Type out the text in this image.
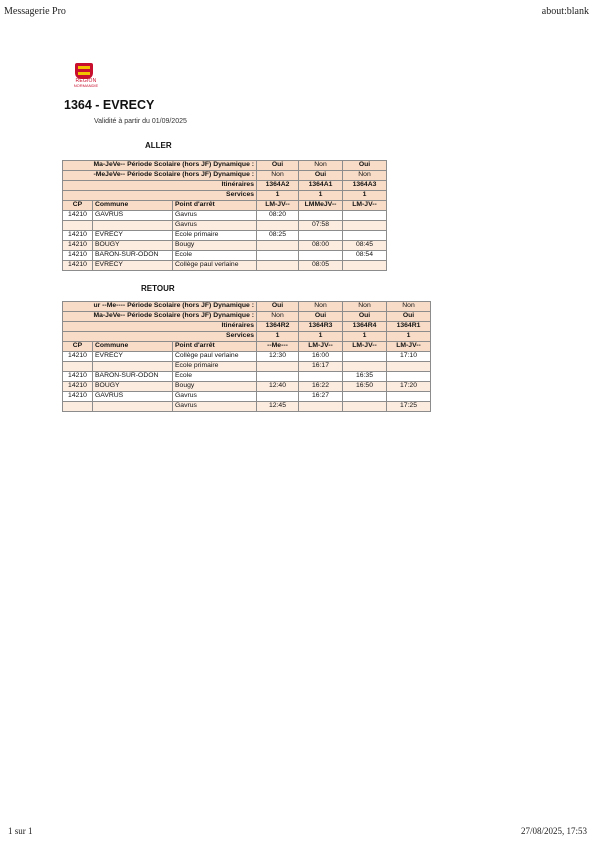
Messagerie Pro	about:blank
RÉGION
NORMANDIE
1364 - EVRECY
Validité à partir du 01/09/2025
ALLER
Ma-JeVe-- Période Scolaire (hors JF) Dynamique :			Oui	Non	Oui
-MeJeVe-- Période Scolaire (hors JF) Dynamique :			Non	Oui	Non
Itinéraires			1364A2	1364A1	1364A3
Services			1	1	1
CP	Commune	Point d'arrêt	LM-JV--	LMMeJV--	LM-JV--
14210	GAVRUS	Gavrus	08:20		
		Gavrus		07:58	
14210	EVRECY	Ecole primaire	08:25		
14210	BOUGY	Bougy		08:00	08:45
14210	BARON-SUR-ODON	Ecole			08:54
14210	EVRECY	Collège paul verlaine		08:05	
RETOUR
ur --Me---- Période Scolaire (hors JF) Dynamique :			Oui	Non	Non	Non
Ma-JeVe-- Période Scolaire (hors JF) Dynamique :			Non	Oui	Oui	Oui
Itinéraires			1364R2	1364R3	1364R4	1364R1
Services			1	1	1	1
CP	Commune	Point d'arrêt	--Me---	LM-JV--	LM-JV--	LM-JV--
14210	EVRECY	Collège paul verlaine	12:30	16:00		17:10
		Ecole primaire		16:17		
14210	BARON-SUR-ODON	Ecole			16:35	
14210	BOUGY	Bougy	12:40	16:22	16:50	17:20
14210	GAVRUS	Gavrus		16:27		
		Gavrus	12:45			17:25
1 sur 1	27/08/2025, 17:53
